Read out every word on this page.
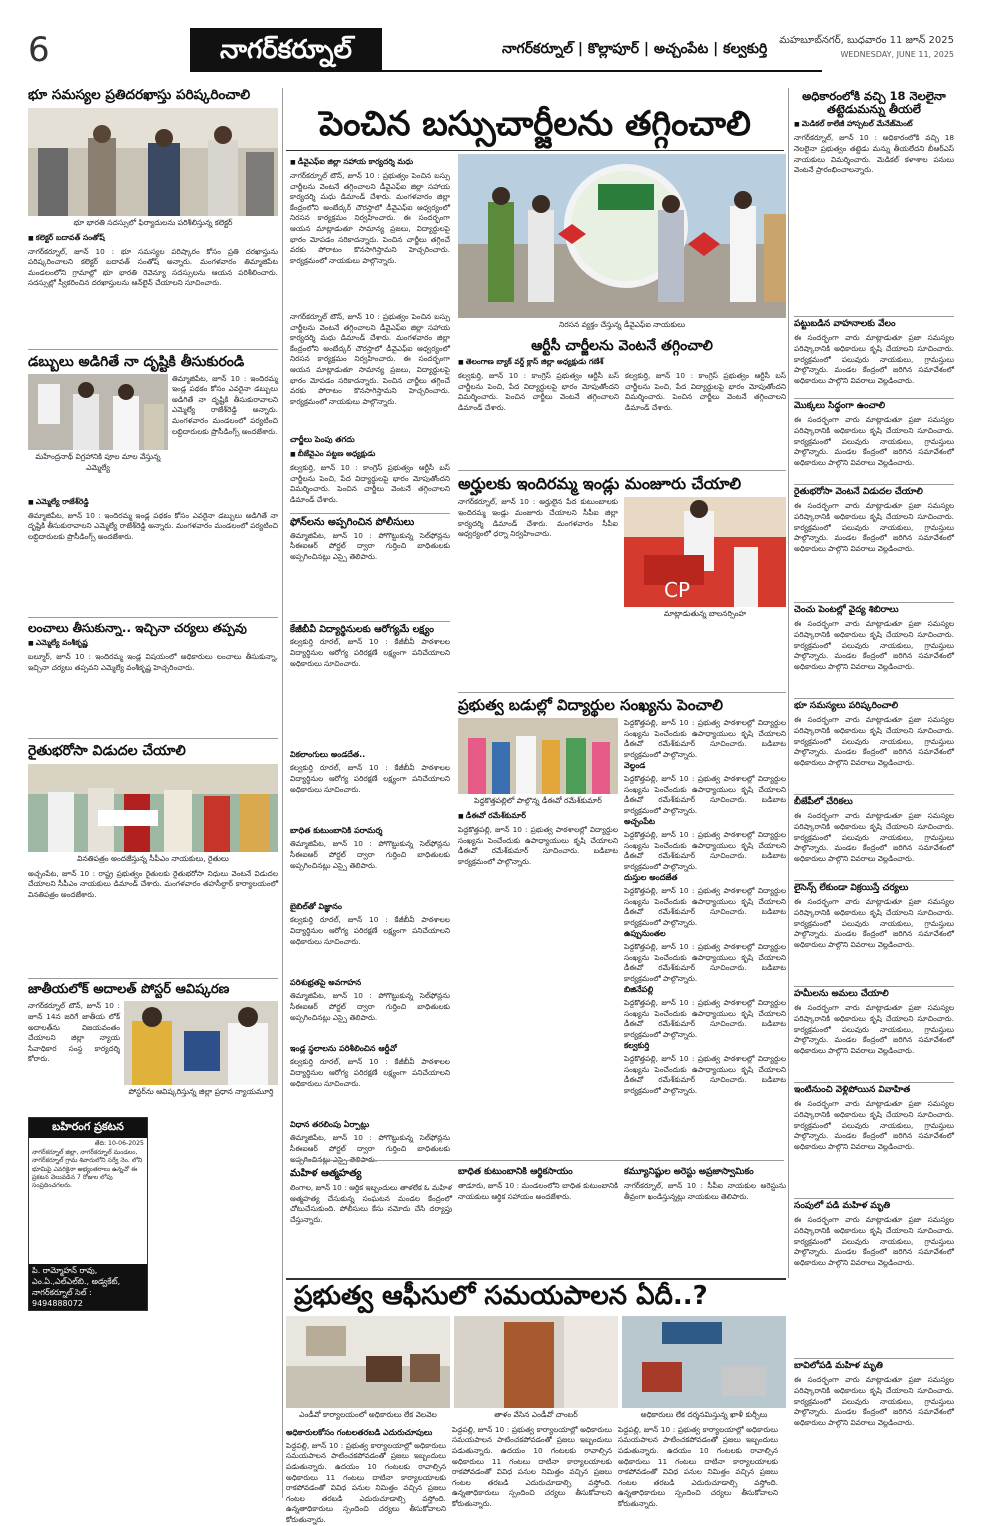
6	నాగర్‌కర్నూల్	నాగర్‌కర్నూల్ | కొల్లాపూర్ | అచ్చంపేట | కల్వకుర్తి
మహబూబ్‌నగర్, బుధవారం 11 జూన్ 2025
WEDNESDAY, JUNE 11, 2025
భూ సమస్యల ప్రతిదరఖాస్తు పరిష్కరించాలి
భూ భారతి సదస్సులో ఫిర్యాదులను పరిశీలిస్తున్న కలెక్టర్
■ కలెక్టర్ బదావత్ సంతోష్
నాగర్‌కర్నూల్, జూన్ 10 : భూ సమస్యల పరిష్కారం కోసం ప్రతి దరఖాస్తును పరిష్కరించాలని కలెక్టర్ బదావత్ సంతోష్ అన్నారు. మంగళవారం తిమ్మాజిపేట మండలంలోని గ్రామాల్లో భూ భారతి రెవెన్యూ సదస్సులను ఆయన పరిశీలించారు. సదస్సుల్లో స్వీకరించిన దరఖాస్తులను ఆన్‌లైన్ చేయాలని సూచించారు.
డబ్బులు అడిగితే నా దృష్టికి తీసుకురండి
మహేంద్రనాథ్ విగ్రహానికి పూల మాల వేస్తున్న ఎమ్మెల్యే
తిమ్మాజిపేట, జూన్ 10 : ఇందిరమ్మ ఇండ్ల పథకం కోసం ఎవరైనా డబ్బులు అడిగితే నా దృష్టికి తీసుకురావాలని ఎమ్మెల్యే రాజేశ్‌రెడ్డి అన్నారు. మంగళవారం మండలంలో పర్యటించి లబ్ధిదారులకు ప్రొసీడింగ్స్ అందజేశారు.
■ ఎమ్మెల్యే రాజేశ్‌రెడ్డి
తిమ్మాజిపేట, జూన్ 10 : ఇందిరమ్మ ఇండ్ల పథకం కోసం ఎవరైనా డబ్బులు అడిగితే నా దృష్టికి తీసుకురావాలని ఎమ్మెల్యే రాజేశ్‌రెడ్డి అన్నారు. మంగళవారం మండలంలో పర్యటించి లబ్ధిదారులకు ప్రొసీడింగ్స్ అందజేశారు.
లంచాలు తీసుకున్నా.. ఇచ్చినా చర్యలు తప్పవు
■ ఎమ్మెల్యే వంశీకృష్ణ
బల్మూర్, జూన్ 10 : ఇందిరమ్మ ఇండ్ల విషయంలో అధికారులు లంచాలు తీసుకున్నా, ఇచ్చినా చర్యలు తప్పవని ఎమ్మెల్యే వంశీకృష్ణ హెచ్చరించారు.
రైతుభరోసా విడుదల చేయాలి
వినతిపత్రం అందజేస్తున్న సీపీఎం నాయకులు, రైతులు
అచ్చంపేట, జూన్ 10 : రాష్ట్ర ప్రభుత్వం రైతులకు రైతుభరోసా నిధులు వెంటనే విడుదల చేయాలని సీపీఎం నాయకులు డిమాండ్ చేశారు. మంగళవారం తహసీల్దార్ కార్యాలయంలో వినతిపత్రం అందజేశారు.
జాతీయలోక్ అదాలత్ పోస్టర్ ఆవిష్కరణ
నాగర్‌కర్నూల్ టౌన్, జూన్ 10 : జూన్ 14న జరిగే జాతీయ లోక్ అదాలత్‌ను విజయవంతం చేయాలని జిల్లా న్యాయ సేవాధికార సంస్థ కార్యదర్శి కోరారు.
పోస్టర్‌ను ఆవిష్కరిస్తున్న జిల్లా ప్రధాన న్యాయమూర్తి
బహిరంగ ప్రకటన
తేది: 10-06-2025
నాగర్‌కర్నూల్ జిల్లా, నాగర్‌కర్నూల్ మండలం, నాగర్‌కర్నూల్ గ్రామ శివారులోని సర్వే నెం. లోని భూమిపై ఎవరికైనా అభ్యంతరాలు ఉన్నచో ఈ ప్రకటన వెలువడిన 7 రోజుల లోపు సంప్రదించగలరు.
పి. రామ్మోహన్ రావు, ఎం.ఏ.,ఎల్‌ఎల్‌బి., అడ్వకేట్, నాగర్‌కర్నూల్ సెల్ : 9494888072
పెంచిన బస్సుచార్జీలను తగ్గించాలి
■ డీవైఎఫ్ఐ జిల్లా సహాయ కార్యదర్శి మధు
నాగర్‌కర్నూల్ టౌన్, జూన్ 10 : ప్రభుత్వం పెంచిన బస్సు చార్జీలను వెంటనే తగ్గించాలని డీవైఎఫ్ఐ జిల్లా సహాయ కార్యదర్శి మధు డిమాండ్ చేశారు. మంగళవారం జిల్లా కేంద్రంలోని అంబేద్కర్ చౌరస్తాలో డీవైఎఫ్ఐ ఆధ్వర్యంలో నిరసన కార్యక్రమం నిర్వహించారు. ఈ సందర్భంగా ఆయన మాట్లాడుతూ సామాన్య ప్రజలు, విద్యార్థులపై భారం మోపడం సరికాదన్నారు. పెంచిన చార్జీలు తగ్గించే వరకు పోరాటం కొనసాగిస్తామని హెచ్చరించారు. కార్యక్రమంలో నాయకులు పాల్గొన్నారు.
నిరసన వ్యక్తం చేస్తున్న డీవైఎఫ్ఐ నాయకులు
నాగర్‌కర్నూల్ టౌన్, జూన్ 10 : ప్రభుత్వం పెంచిన బస్సు చార్జీలను వెంటనే తగ్గించాలని డీవైఎఫ్ఐ జిల్లా సహాయ కార్యదర్శి మధు డిమాండ్ చేశారు. మంగళవారం జిల్లా కేంద్రంలోని అంబేద్కర్ చౌరస్తాలో డీవైఎఫ్ఐ ఆధ్వర్యంలో నిరసన కార్యక్రమం నిర్వహించారు. ఈ సందర్భంగా ఆయన మాట్లాడుతూ సామాన్య ప్రజలు, విద్యార్థులపై భారం మోపడం సరికాదన్నారు. పెంచిన చార్జీలు తగ్గించే వరకు పోరాటం కొనసాగిస్తామని హెచ్చరించారు. కార్యక్రమంలో నాయకులు పాల్గొన్నారు.
చార్జీలు పెంపు తగదు
■ బీజేవైఎం పట్టణ అధ్యక్షుడు
కల్వకుర్తి, జూన్ 10 : కాంగ్రెస్ ప్రభుత్వం ఆర్టీసీ బస్ చార్జీలను పెంచి, పేద విద్యార్థులపై భారం మోపుతోందని విమర్శించారు. పెంచిన చార్జీలు వెంటనే తగ్గించాలని డిమాండ్ చేశారు.
ఫోన్‌లను అప్పగించిన పోలీసులు
తిమ్మాజిపేట, జూన్ 10 : పోగొట్టుకున్న సెల్‌ఫోన్లను సీఈఐఆర్ పోర్టల్ ద్వారా గుర్తించి బాధితులకు అప్పగించినట్లు ఎస్సై తెలిపారు.
కేజీబీవీ విద్యార్థినులకు ఆరోగ్యమే లక్ష్యం
కల్వకుర్తి రూరల్, జూన్ 10 : కేజీబీవీ పాఠశాలల విద్యార్థినుల ఆరోగ్య పరిరక్షణే లక్ష్యంగా పనిచేయాలని అధికారులు సూచించారు.
వికలాంగులు అండదేత..
కల్వకుర్తి రూరల్, జూన్ 10 : కేజీబీవీ పాఠశాలల విద్యార్థినుల ఆరోగ్య పరిరక్షణే లక్ష్యంగా పనిచేయాలని అధికారులు సూచించారు.
బాధిత కుటుంబానికి పరామర్శ
తిమ్మాజిపేట, జూన్ 10 : పోగొట్టుకున్న సెల్‌ఫోన్లను సీఈఐఆర్ పోర్టల్ ద్వారా గుర్తించి బాధితులకు అప్పగించినట్లు ఎస్సై తెలిపారు.
బైబిల్‌తో విజ్ఞానం
కల్వకుర్తి రూరల్, జూన్ 10 : కేజీబీవీ పాఠశాలల విద్యార్థినుల ఆరోగ్య పరిరక్షణే లక్ష్యంగా పనిచేయాలని అధికారులు సూచించారు.
పరిశుభ్రతపై అవగాహన
తిమ్మాజిపేట, జూన్ 10 : పోగొట్టుకున్న సెల్‌ఫోన్లను సీఈఐఆర్ పోర్టల్ ద్వారా గుర్తించి బాధితులకు అప్పగించినట్లు ఎస్సై తెలిపారు.
ఇండ్ల స్థలాలను పరిశీలించిన ఆర్డీవో
కల్వకుర్తి రూరల్, జూన్ 10 : కేజీబీవీ పాఠశాలల విద్యార్థినుల ఆరోగ్య పరిరక్షణే లక్ష్యంగా పనిచేయాలని అధికారులు సూచించారు.
విధాన తరలింపు ఏర్పాట్లు
తిమ్మాజిపేట, జూన్ 10 : పోగొట్టుకున్న సెల్‌ఫోన్లను సీఈఐఆర్ పోర్టల్ ద్వారా గుర్తించి బాధితులకు
ఆర్టీసీ చార్జీలను వెంటనే తగ్గించాలి
■ తెలంగాణ బ్యాక్ వర్డ్ క్లాస్ జిల్లా అధ్యక్షుడు గణేశ్
కల్వకుర్తి, జూన్ 10 : కాంగ్రెస్ ప్రభుత్వం ఆర్టీసీ బస్ చార్జీలను పెంచి, పేద విద్యార్థులపై భారం మోపుతోందని విమర్శించారు. పెంచిన చార్జీలు వెంటనే తగ్గించాలని డిమాండ్ చేశారు.
కల్వకుర్తి, జూన్ 10 : కాంగ్రెస్ ప్రభుత్వం ఆర్టీసీ బస్ చార్జీలను పెంచి, పేద విద్యార్థులపై భారం మోపుతోందని విమర్శించారు. పెంచిన చార్జీలు వెంటనే తగ్గించాలని డిమాండ్ చేశారు.
అర్హులకు ఇందిరమ్మ ఇండ్లు మంజూరు చేయాలి
నాగర్‌కర్నూల్, జూన్ 10 : అర్హులైన పేద కుటుంబాలకు ఇందిరమ్మ ఇండ్లు మంజూరు చేయాలని సీపీఐ జిల్లా కార్యదర్శి డిమాండ్ చేశారు. మంగళవారం సీపీఐ ఆధ్వర్యంలో ధర్నా నిర్వహించారు.
CP
మాట్లాడుతున్న బాలనర్సింహ
ప్రభుత్వ బడుల్లో విద్యార్థుల సంఖ్యను పెంచాలి
పెద్దకొత్తపల్లిలో పాల్గొన్న డీఈవో రమేశ్‌కుమార్
■ డీఈవో రమేశ్‌కుమార్
పెద్దకొత్తపల్లి, జూన్ 10 : ప్రభుత్వ పాఠశాలల్లో విద్యార్థుల సంఖ్యను పెంచేందుకు ఉపాధ్యాయులు కృషి చేయాలని డీఈవో రమేశ్‌కుమార్ సూచించారు. బడిబాట కార్యక్రమంలో పాల్గొన్నారు.
పెద్దకొత్తపల్లి, జూన్ 10 : ప్రభుత్వ పాఠశాలల్లో విద్యార్థుల సంఖ్యను పెంచేందుకు ఉపాధ్యాయులు కృషి చేయాలని డీఈవో రమేశ్‌కుమార్ సూచించారు. బడిబాట కార్యక్రమంలో పాల్గొన్నారు.
వెల్దండ
పెద్దకొత్తపల్లి, జూన్ 10 : ప్రభుత్వ పాఠశాలల్లో విద్యార్థుల సంఖ్యను పెంచేందుకు ఉపాధ్యాయులు కృషి చేయాలని డీఈవో రమేశ్‌కుమార్ సూచించారు. బడిబాట కార్యక్రమంలో పాల్గొన్నారు.
అచ్చంపేట
పెద్దకొత్తపల్లి, జూన్ 10 : ప్రభుత్వ పాఠశాలల్లో విద్యార్థుల సంఖ్యను పెంచేందుకు ఉపాధ్యాయులు కృషి చేయాలని డీఈవో రమేశ్‌కుమార్ సూచించారు. బడిబాట కార్యక్రమంలో పాల్గొన్నారు.
దుస్తుల అందజేత
పెద్దకొత్తపల్లి, జూన్ 10 : ప్రభుత్వ పాఠశాలల్లో విద్యార్థుల సంఖ్యను పెంచేందుకు ఉపాధ్యాయులు కృషి చేయాలని డీఈవో రమేశ్‌కుమార్ సూచించారు. బడిబాట కార్యక్రమంలో పాల్గొన్నారు.
ఉప్పునుంతల
పెద్దకొత్తపల్లి, జూన్ 10 : ప్రభుత్వ పాఠశాలల్లో విద్యార్థుల సంఖ్యను పెంచేందుకు ఉపాధ్యాయులు కృషి చేయాలని డీఈవో రమేశ్‌కుమార్ సూచించారు. బడిబాట కార్యక్రమంలో పాల్గొన్నారు.
బిజినేపల్లి
పెద్దకొత్తపల్లి, జూన్ 10 : ప్రభుత్వ పాఠశాలల్లో విద్యార్థుల సంఖ్యను పెంచేందుకు ఉపాధ్యాయులు కృషి చేయాలని డీఈవో రమేశ్‌కుమార్ సూచించారు. బడిబాట కార్యక్రమంలో పాల్గొన్నారు.
కల్వకుర్తి
పెద్దకొత్తపల్లి, జూన్ 10 : ప్రభుత్వ పాఠశాలల్లో విద్యార్థుల సంఖ్యను పెంచేందుకు ఉపాధ్యాయులు కృషి చేయాలని డీఈవో రమేశ్‌కుమార్ సూచించారు. బడిబాట కార్యక్రమంలో పాల్గొన్నారు.
అధికారంలోకి వచ్చి 18 నెలలైనా తట్టెడుమన్ను తీయలే
■ మెడికల్ కాలేజీ హాస్పటల్ మేనేజ్‌మెంట్‌
నాగర్‌కర్నూల్, జూన్ 10 : అధికారంలోకి వచ్చి 18 నెలలైనా ప్రభుత్వం తట్టెడు మన్ను తీయలేదని బీఆర్ఎస్ నాయకులు విమర్శించారు. మెడికల్ కళాశాల పనులు వెంటనే ప్రారంభించాలన్నారు.
పట్టుబడిన వాహనాలకు వేలం
ఈ సందర్భంగా వారు మాట్లాడుతూ ప్రజా సమస్యల పరిష్కారానికి అధికారులు కృషి చేయాలని సూచించారు. కార్యక్రమంలో పలువురు నాయకులు, గ్రామస్తులు పాల్గొన్నారు. మండల కేంద్రంలో జరిగిన సమావేశంలో అధికారులు పాల్గొని వివరాలు వెల్లడించారు.
మొక్కలు సిద్ధంగా ఉంచాలి
ఈ సందర్భంగా వారు మాట్లాడుతూ ప్రజా సమస్యల పరిష్కారానికి అధికారులు కృషి చేయాలని సూచించారు. కార్యక్రమంలో పలువురు నాయకులు, గ్రామస్తులు పాల్గొన్నారు. మండల కేంద్రంలో జరిగిన సమావేశంలో అధికారులు పాల్గొని వివరాలు వెల్లడించారు.
రైతుభరోసా వెంటనే విడుదల చేయాలి
ఈ సందర్భంగా వారు మాట్లాడుతూ ప్రజా సమస్యల పరిష్కారానికి అధికారులు కృషి చేయాలని సూచించారు. కార్యక్రమంలో పలువురు నాయకులు, గ్రామస్తులు పాల్గొన్నారు. మండల కేంద్రంలో జరిగిన సమావేశంలో అధికారులు పాల్గొని వివరాలు వెల్లడించారు.
చెంచు పెంటల్లో వైద్య శిబిరాలు
ఈ సందర్భంగా వారు మాట్లాడుతూ ప్రజా సమస్యల పరిష్కారానికి అధికారులు కృషి చేయాలని సూచించారు. కార్యక్రమంలో పలువురు నాయకులు, గ్రామస్తులు పాల్గొన్నారు. మండల కేంద్రంలో జరిగిన సమావేశంలో అధికారులు పాల్గొని వివరాలు వెల్లడించారు.
భూ సమస్యలు పరిష్కరించాలి
ఈ సందర్భంగా వారు మాట్లాడుతూ ప్రజా సమస్యల పరిష్కారానికి అధికారులు కృషి చేయాలని సూచించారు. కార్యక్రమంలో పలువురు నాయకులు, గ్రామస్తులు పాల్గొన్నారు. మండల కేంద్రంలో జరిగిన సమావేశంలో అధికారులు పాల్గొని వివరాలు వెల్లడించారు.
బీజేపీలో చేరికలు
ఈ సందర్భంగా వారు మాట్లాడుతూ ప్రజా సమస్యల పరిష్కారానికి అధికారులు కృషి చేయాలని సూచించారు. కార్యక్రమంలో పలువురు నాయకులు, గ్రామస్తులు పాల్గొన్నారు. మండల కేంద్రంలో జరిగిన సమావేశంలో అధికారులు పాల్గొని వివరాలు వెల్లడించారు.
లైసెన్స్ లేకుండా విక్రయిస్తే చర్యలు
ఈ సందర్భంగా వారు మాట్లాడుతూ ప్రజా సమస్యల పరిష్కారానికి అధికారులు కృషి చేయాలని సూచించారు. కార్యక్రమంలో పలువురు నాయకులు, గ్రామస్తులు పాల్గొన్నారు. మండల కేంద్రంలో జరిగిన సమావేశంలో అధికారులు పాల్గొని వివరాలు వెల్లడించారు.
హమీలను అమలు చేయాలి
ఈ సందర్భంగా వారు మాట్లాడుతూ ప్రజా సమస్యల పరిష్కారానికి అధికారులు కృషి చేయాలని సూచించారు. కార్యక్రమంలో పలువురు నాయకులు, గ్రామస్తులు పాల్గొన్నారు. మండల కేంద్రంలో జరిగిన సమావేశంలో అధికారులు పాల్గొని వివరాలు వెల్లడించారు.
ఇంటినుంచి వెళ్లిపోయిన వివాహిత
ఈ సందర్భంగా వారు మాట్లాడుతూ ప్రజా సమస్యల పరిష్కారానికి అధికారులు కృషి చేయాలని సూచించారు. కార్యక్రమంలో పలువురు నాయకులు, గ్రామస్తులు పాల్గొన్నారు. మండల కేంద్రంలో జరిగిన సమావేశంలో అధికారులు పాల్గొని వివరాలు వెల్లడించారు.
సంపులో పడి మహిళ మృతి
ఈ సందర్భంగా వారు మాట్లాడుతూ ప్రజా సమస్యల పరిష్కారానికి అధికారులు కృషి చేయాలని సూచించారు. కార్యక్రమంలో పలువురు నాయకులు, గ్రామస్తులు పాల్గొన్నారు. మండల కేంద్రంలో జరిగిన సమావేశంలో అధికారులు పాల్గొని వివరాలు వెల్లడించారు.
బావిలోపడి మహిళ మృతి
ఈ సందర్భంగా వారు మాట్లాడుతూ ప్రజా సమస్యల పరిష్కారానికి అధికారులు కృషి చేయాలని సూచించారు. కార్యక్రమంలో పలువురు నాయకులు, గ్రామస్తులు పాల్గొన్నారు. మండల కేంద్రంలో జరిగిన సమావేశంలో అధికారులు పాల్గొని వివరాలు వెల్లడించారు.
మహిళ ఆత్మహత్య
లింగాల, జూన్ 10 : ఆర్థిక ఇబ్బందులు తాళలేక ఓ మహిళ ఆత్మహత్య చేసుకున్న సంఘటన మండల కేంద్రంలో చోటుచేసుకుంది. పోలీసులు కేసు నమోదు చేసి దర్యాప్తు చేస్తున్నారు.
బాధిత కుటుంబానికి ఆర్థికసాయం
తాడూరు, జూన్ 10 : మండలంలోని బాధిత కుటుంబానికి నాయకులు ఆర్థిక సహాయం అందజేశారు.
కమ్యూనిష్టుల అరెస్టు అప్రజాస్వామికం
నాగర్‌కర్నూల్, జూన్ 10 : సీపీఐ నాయకుల అరెస్టును తీవ్రంగా ఖండిస్తున్నట్లు నాయకులు తెలిపారు.
ప్రభుత్వ ఆఫీసులో సమయపాలన ఏదీ..?
ఎండీవో కార్యాలయంలో అధికారులు లేక వెలవెల	తాళం వేసిన ఎండీవో చాంబర్	అధికారులు లేక దర్శనమిస్తున్న ఖాళీ కుర్చీలు
అధికారులకోసం గంటలతరబడి ఎదురుచూపులు
పెద్దపల్లి, జూన్ 10 : ప్రభుత్వ కార్యాలయాల్లో అధికారులు సమయపాలన పాటించకపోవడంతో ప్రజలు ఇబ్బందులు పడుతున్నారు. ఉదయం 10 గంటలకు రావాల్సిన అధికారులు 11 గంటలు దాటినా కార్యాలయాలకు రాకపోవడంతో వివిధ పనుల నిమిత్తం వచ్చిన ప్రజలు గంటల తరబడి ఎదురుచూడాల్సి వస్తోంది. ఉన్నతాధికారులు స్పందించి చర్యలు తీసుకోవాలని కోరుతున్నారు.
పెద్దపల్లి, జూన్ 10 : ప్రభుత్వ కార్యాలయాల్లో అధికారులు సమయపాలన పాటించకపోవడంతో ప్రజలు ఇబ్బందులు పడుతున్నారు. ఉదయం 10 గంటలకు రావాల్సిన అధికారులు 11 గంటలు దాటినా కార్యాలయాలకు రాకపోవడంతో వివిధ పనుల నిమిత్తం వచ్చిన ప్రజలు గంటల తరబడి ఎదురుచూడాల్సి వస్తోంది. ఉన్నతాధికారులు స్పందించి చర్యలు తీసుకోవాలని కోరుతున్నారు.
పెద్దపల్లి, జూన్ 10 : ప్రభుత్వ కార్యాలయాల్లో అధికారులు సమయపాలన పాటించకపోవడంతో ప్రజలు ఇబ్బందులు పడుతున్నారు. ఉదయం 10 గంటలకు రావాల్సిన అధికారులు 11 గంటలు దాటినా కార్యాలయాలకు రాకపోవడంతో వివిధ పనుల నిమిత్తం వచ్చిన ప్రజలు గంటల తరబడి ఎదురుచూడాల్సి వస్తోంది. ఉన్నతాధికారులు స్పందించి చర్యలు తీసుకోవాలని కోరుతున్నారు.
